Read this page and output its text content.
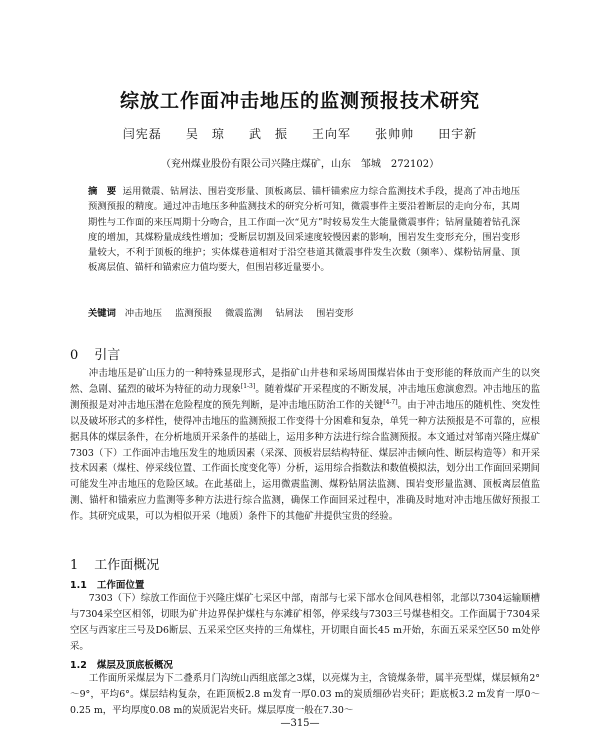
综放工作面冲击地压的监测预报技术研究
闫宪磊 吴　琼 武　振 王向军 张帅帅 田宇新
（兖州煤业股份有限公司兴隆庄煤矿，山东　邹城　272102）
摘　要 运用微震、钻屑法、围岩变形量、顶板离层、锚杆锚索应力综合监测技术手段，提高了冲击地压预测预报的精度。通过冲击地压多种监测技术的研究分析可知，微震事件主要沿着断层的走向分布，其周期性与工作面的来压周期十分吻合，且工作面一次“见方”时较易发生大能量微震事件；钻屑量随着钻孔深度的增加，其煤粉量成线性增加；受断层切割及回采速度较慢因素的影响，围岩发生变形充分，围岩变形量较大，不利于顶板的维护；实体煤巷道相对于沿空巷道其微震事件发生次数（频率）、煤粉钻屑量、顶板离层值、锚杆和锚索应力值均要大，但围岩移近量要小。
关键词 冲击地压 监测预报 微震监测 钻屑法 围岩变形
0 引言
冲击地压是矿山压力的一种特殊显现形式，是指矿山井巷和采场周围煤岩体由于变形能的释放而产生的以突然、急剧、猛烈的破坏为特征的动力现象[1-3]。随着煤矿开采程度的不断发展，冲击地压愈演愈烈。冲击地压的监测预报是对冲击地压潜在危险程度的预先判断，是冲击地压防治工作的关键[4-7]。由于冲击地压的随机性、突发性以及破坏形式的多样性，使得冲击地压的监测预报工作变得十分困难和复杂，单凭一种方法预报是不可靠的，应根据具体的煤层条件，在分析地质开采条件的基础上，运用多种方法进行综合监测预报。本文通过对邹南兴隆庄煤矿7303（下）工作面冲击地压发生的地质因素（采深、顶板岩层结构特征、煤层冲击倾向性、断层构造等）和开采技术因素（煤柱、停采线位置、工作面长度变化等）分析，运用综合指数法和数值模拟法，划分出工作面回采期间可能发生冲击地压的危险区域。在此基础上，运用微震监测、煤粉钻屑法监测、围岩变形量监测、顶板离层值监测、锚杆和锚索应力监测等多种方法进行综合监测，确保工作面回采过程中，准确及时地对冲击地压做好预报工作。其研究成果，可以为相似开采（地质）条件下的其他矿井提供宝贵的经验。
1 工作面概况
1.1 工作面位置
7303（下）综放工作面位于兴隆庄煤矿七采区中部，南部与七采下部水仓间风巷相邻，北部以7304运输顺槽与7304采空区相邻，切眼为矿井边界保护煤柱与东滩矿相邻，停采线与7303三号煤巷相交。工作面属于7304采空区与西家庄三号及D6断层、五采采空区夹持的三角煤柱，开切眼自面长45 m开始，东面五采采空区50 m处停采。
1.2 煤层及顶底板概况
工作面所采煤层为下二叠系月门沟统山西组底部之3煤，以亮煤为主，含镜煤条带，属半亮型煤，煤层倾角2°～9°，平均6°。煤层结构复杂，在距顶板2.8 m发育一厚0.03 m的炭质细砂岩夹矸；距底板3.2 m发育一厚0～0.25 m，平均厚度0.08 m的炭质泥岩夹矸。煤层厚度一般在7.30～
—315—
